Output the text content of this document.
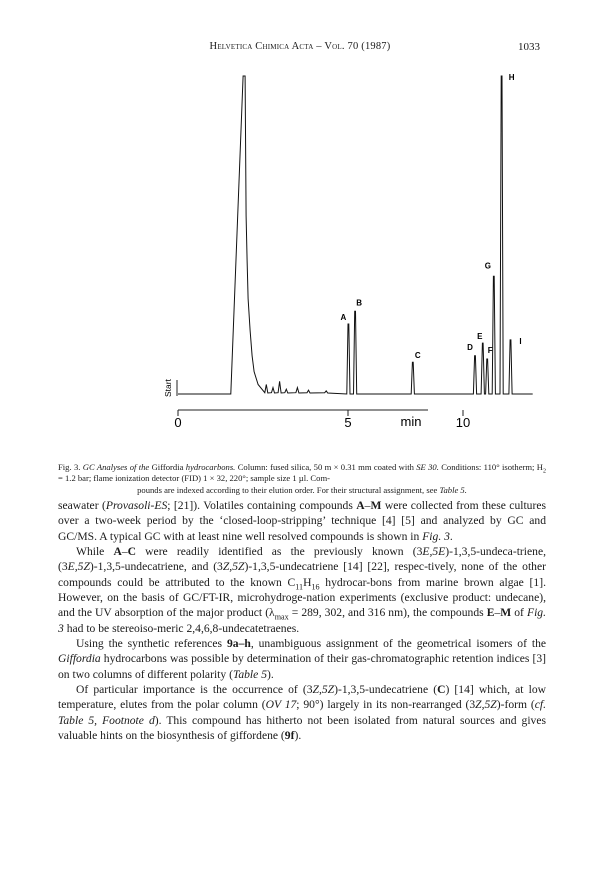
Helvetica Chimica Acta – Vol. 70 (1987)	1033
Start
0	5	10
A
B
C
D
E
F
G
H
I
min
Fig. 3. GC Analyses of the Giffordia hydrocarbons. Column: fused silica, 50 m × 0.31 mm coated with SE 30. Conditions: 110° isotherm; $H_2 = 1.2$ bar; flame ionization detector (FID) 1 × 32, 220°; sample size 1 µl. Com-
pounds are indexed according to their elution order. For their structural assignment, see Table 5.

seawater (Provasoli-ES; [21]). Volatiles containing compounds A–M were collected from these cultures over a two-week period by the ‘closed-loop-stripping’ technique [4] [5] and analyzed by GC and GC/MS. A typical GC with at least nine well resolved compounds is shown in Fig. 3.

While A–C were readily identified as the previously known (3E,5E)-1,3,5-undeca-triene, (3E,5Z)-1,3,5-undecatriene, and (3Z,5Z)-1,3,5-undecatriene [14] [22], respec-tively, none of the other compounds could be attributed to the known $C_{11}H_{16}$ hydrocar-bons from marine brown algae [1]. However, on the basis of GC/FT-IR, microhydroge-nation experiments (exclusive product: undecane), and the UV absorption of the major product ($\lambda_{max} = 289$, 302, and 316 nm), the compounds E–M of Fig. 3 had to be stereoiso-meric 2,4,6,8-undecatetraenes.

Using the synthetic references 9a–h, unambiguous assignment of the geometrical isomers of the Giffordia hydrocarbons was possible by determination of their gas-chromatographic retention indices [3] on two columns of different polarity (Table 5).

Of particular importance is the occurrence of (3Z,5Z)-1,3,5-undecatriene (C) [14] which, at low temperature, elutes from the polar column (OV 17; 90°) largely in its non-rearranged (3Z,5Z)-form (cf. Table 5, Footnote d). This compound has hitherto not been isolated from natural sources and gives valuable hints on the biosynthesis of giffordene (9f).
